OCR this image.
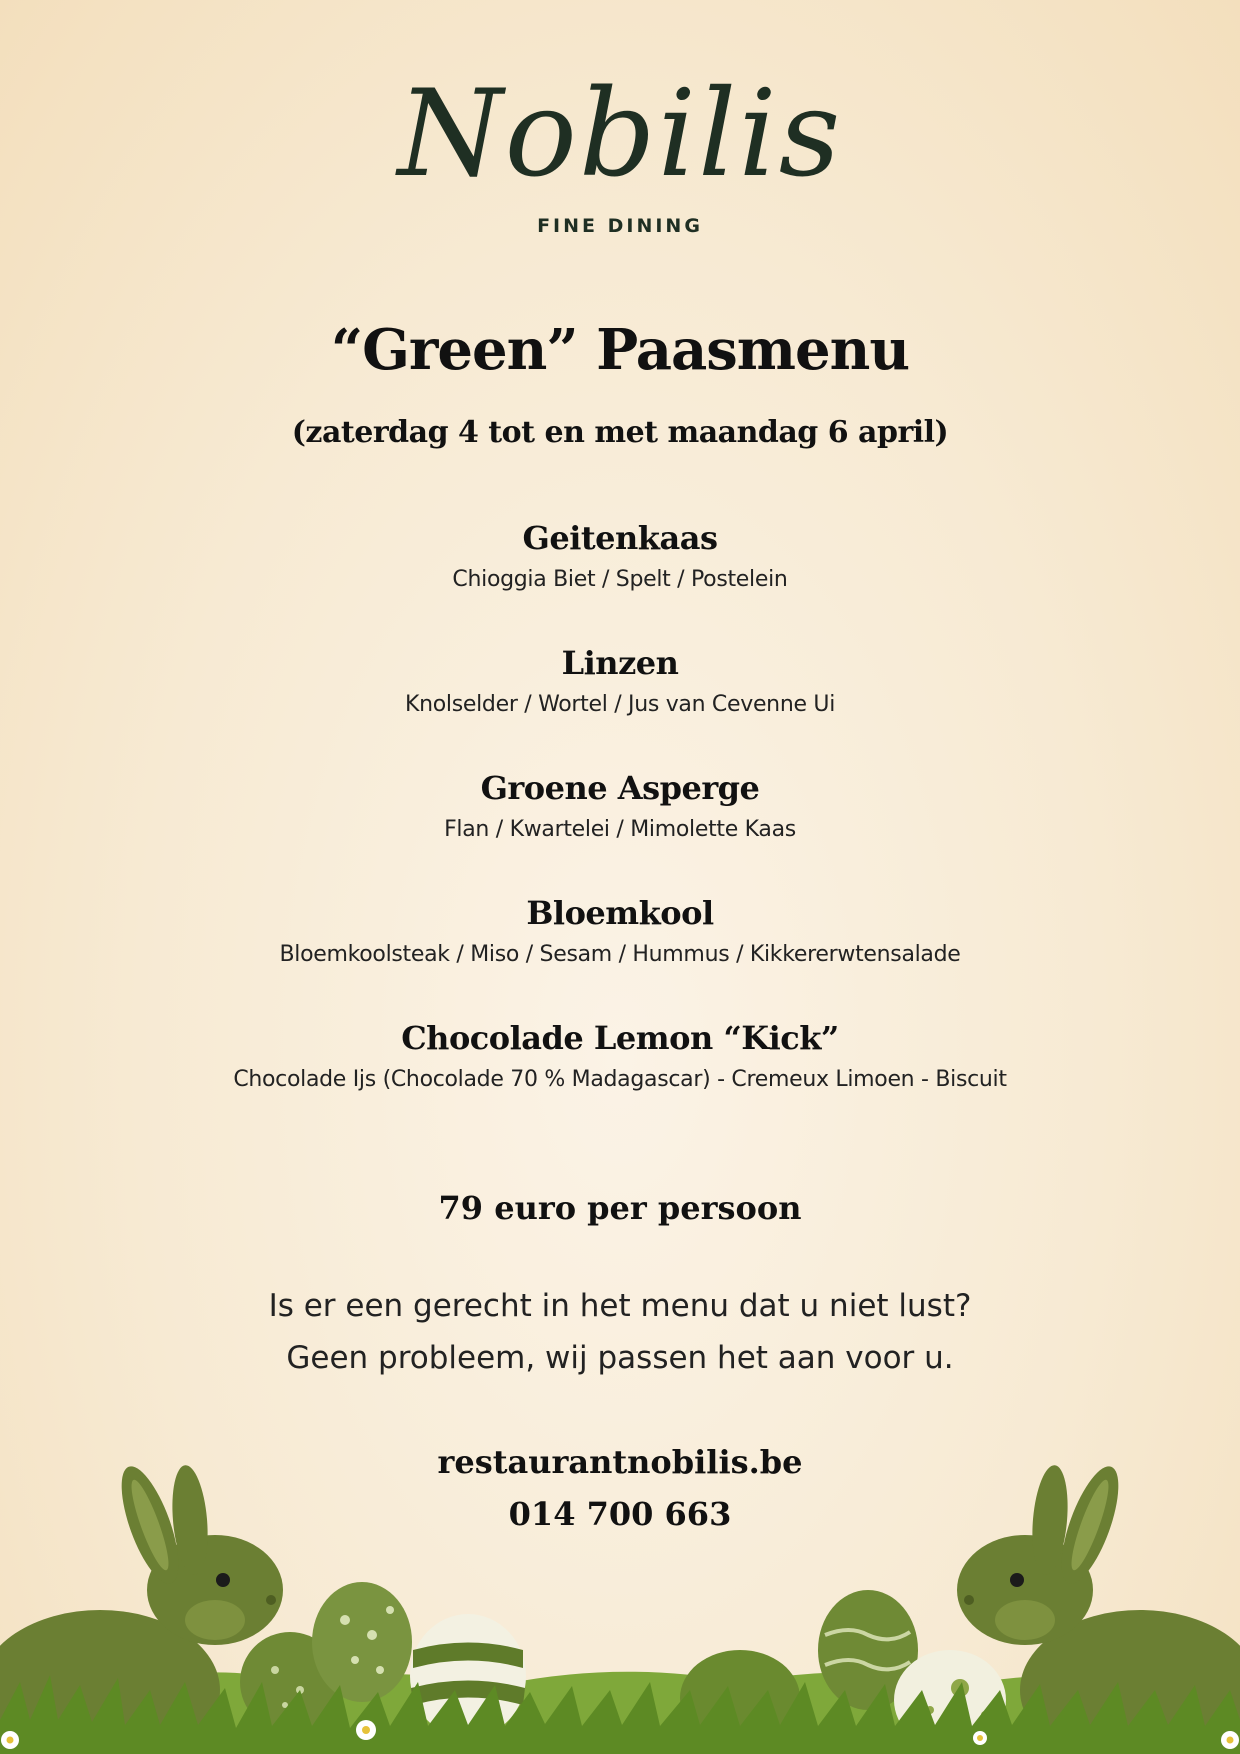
Nobilis
FINE DINING
“Green” Paasmenu
(zaterdag 4 tot en met maandag 6 april)
Geitenkaas
Chioggia Biet / Spelt / Postelein
Linzen
Knolselder / Wortel / Jus van Cevenne Ui
Groene Asperge
Flan / Kwartelei / Mimolette Kaas
Bloemkool
Bloemkoolsteak / Miso / Sesam / Hummus / Kikkererwtensalade
Chocolade Lemon “Kick”
Chocolade Ijs (Chocolade 70 % Madagascar) - Cremeux Limoen - Biscuit
79 euro per persoon
Is er een gerecht in het menu dat u niet lust?
Geen probleem, wij passen het aan voor u.
restaurantnobilis.be
014 700 663
